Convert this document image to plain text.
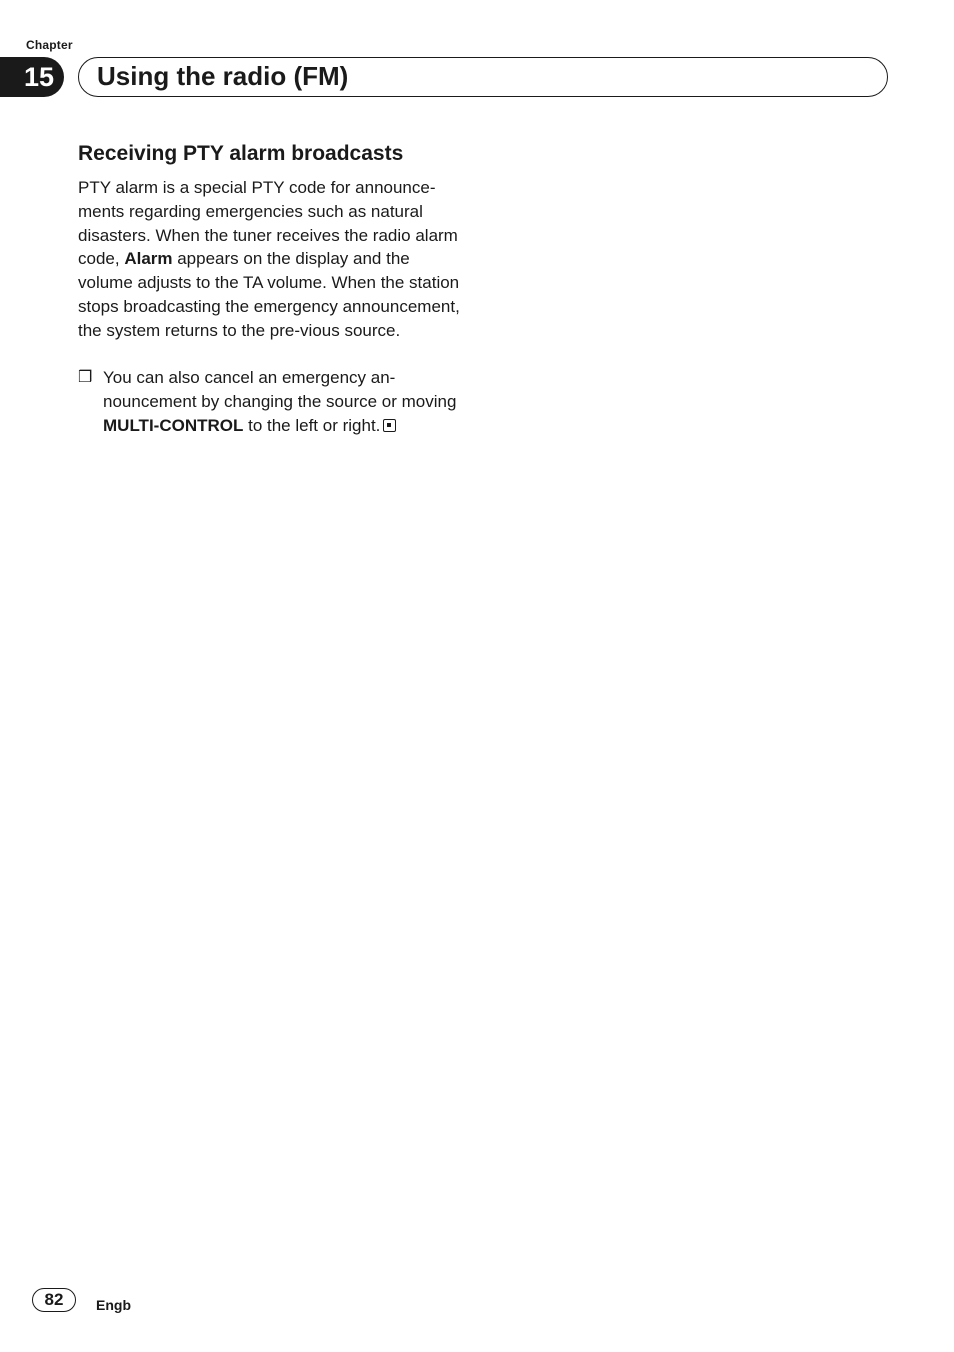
Chapter
15	Using the radio (FM)
Receiving PTY alarm broadcasts

PTY alarm is a special PTY code for announce-ments regarding emergencies such as natural disasters. When the tuner receives the radio alarm code, Alarm appears on the display and the volume adjusts to the TA volume. When the station stops broadcasting the emergency announcement, the system returns to the pre-vious source.

❒ You can also cancel an emergency an-nouncement by changing the source or moving MULTI-CONTROL to the left or right.
82	Engb
